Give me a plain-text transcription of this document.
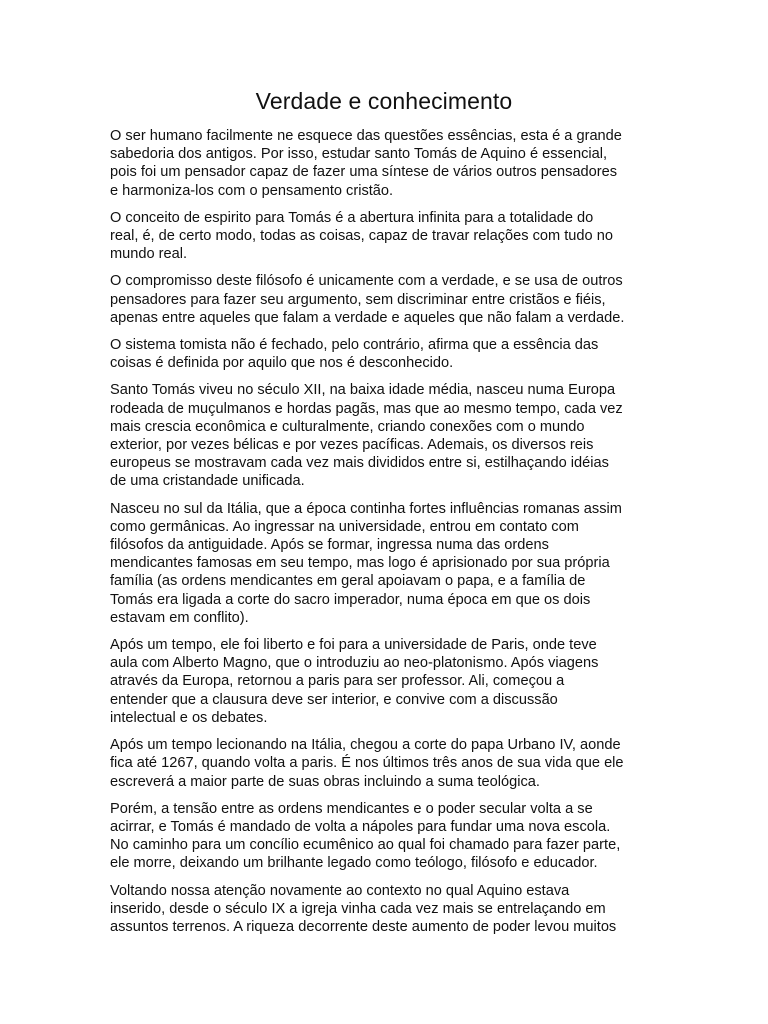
Verdade e conhecimento

O ser humano facilmente ne esquece das questões essências, esta é a grande
sabedoria dos antigos. Por isso, estudar santo Tomás de Aquino é essencial,
pois foi um pensador capaz de fazer uma síntese de vários outros pensadores
e harmoniza-los com o pensamento cristão.

O conceito de espirito para Tomás é a abertura infinita para a totalidade do
real, é, de certo modo, todas as coisas, capaz de travar relações com tudo no
mundo real.

O compromisso deste filósofo é unicamente com a verdade, e se usa de outros
pensadores para fazer seu argumento, sem discriminar entre cristãos e fiéis,
apenas entre aqueles que falam a verdade e aqueles que não falam a verdade.

O sistema tomista não é fechado, pelo contrário, afirma que a essência das
coisas é definida por aquilo que nos é desconhecido.

Santo Tomás viveu no século XII, na baixa idade média, nasceu numa Europa
rodeada de muçulmanos e hordas pagãs, mas que ao mesmo tempo, cada vez
mais crescia econômica e culturalmente, criando conexões com o mundo
exterior, por vezes bélicas e por vezes pacíficas. Ademais, os diversos reis
europeus se mostravam cada vez mais divididos entre si, estilhaçando idéias
de uma cristandade unificada.

Nasceu no sul da Itália, que a época continha fortes influências romanas assim
como germânicas. Ao ingressar na universidade, entrou em contato com
filósofos da antiguidade. Após se formar, ingressa numa das ordens
mendicantes famosas em seu tempo, mas logo é aprisionado por sua própria
família (as ordens mendicantes em geral apoiavam o papa, e a família de
Tomás era ligada a corte do sacro imperador, numa época em que os dois
estavam em conflito).

Após um tempo, ele foi liberto e foi para a universidade de Paris, onde teve
aula com Alberto Magno, que o introduziu ao neo-platonismo. Após viagens
através da Europa, retornou a paris para ser professor. Ali, começou a
entender que a clausura deve ser interior, e convive com a discussão
intelectual e os debates.

Após um tempo lecionando na Itália, chegou a corte do papa Urbano IV, aonde
fica até 1267, quando volta a paris. É nos últimos três anos de sua vida que ele
escreverá a maior parte de suas obras incluindo a suma teológica.

Porém, a tensão entre as ordens mendicantes e o poder secular volta a se
acirrar, e Tomás é mandado de volta a nápoles para fundar uma nova escola.
No caminho para um concílio ecumênico ao qual foi chamado para fazer parte,
ele morre, deixando um brilhante legado como teólogo, filósofo e educador.

Voltando nossa atenção novamente ao contexto no qual Aquino estava
inserido, desde o século IX a igreja vinha cada vez mais se entrelaçando em
assuntos terrenos. A riqueza decorrente deste aumento de poder levou muitos
